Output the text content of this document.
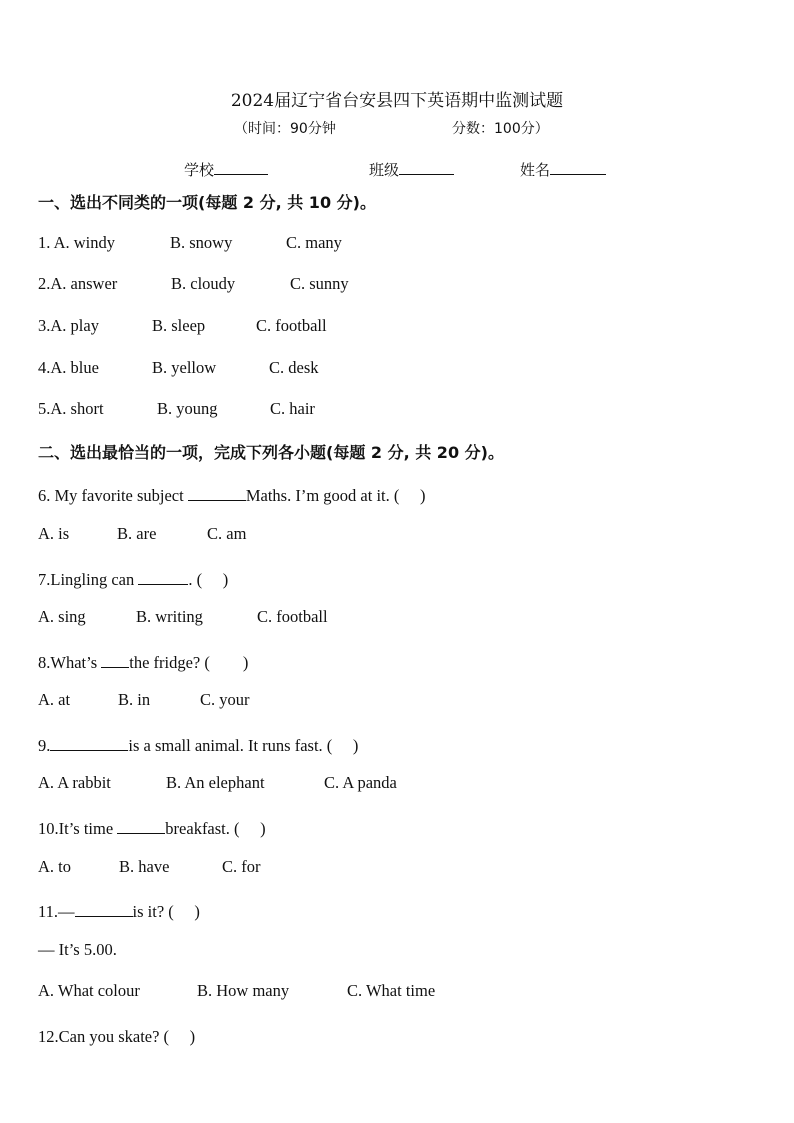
2024届辽宁省台安县四下英语期中监测试题
（时间：90分钟	分数：100分）
学校	班级	姓名
一、选出不同类的一项(每题 2 分, 共 10 分)。
1. A. windy	B. snowy	C. many
2.A. answer	B. cloudy	C. sunny
3.A. play	B. sleep	C. football
4.A. blue	B. yellow	C. desk
5.A. short	B. young	C. hair
二、选出最恰当的一项，完成下列各小题(每题 2 分, 共 20 分)。
6. My favorite subject	Maths. I’m good at it. (　 )
A. is	B. are	C. am
7.Lingling can	. (　 )
A. sing	B. writing	C. football
8.What’s the fridge? (　　)
A. at	B. in	C. your
9.	is a small animal. It runs fast. (　 )
A. A rabbit	B. An elephant	C. A panda
10.It’s time	breakfast. (　 )
A. to	B. have	C. for
11.—	is it? (　 )
— It’s 5.00.
A. What colour	B. How many	C. What time
12.Can you skate? (　 )
